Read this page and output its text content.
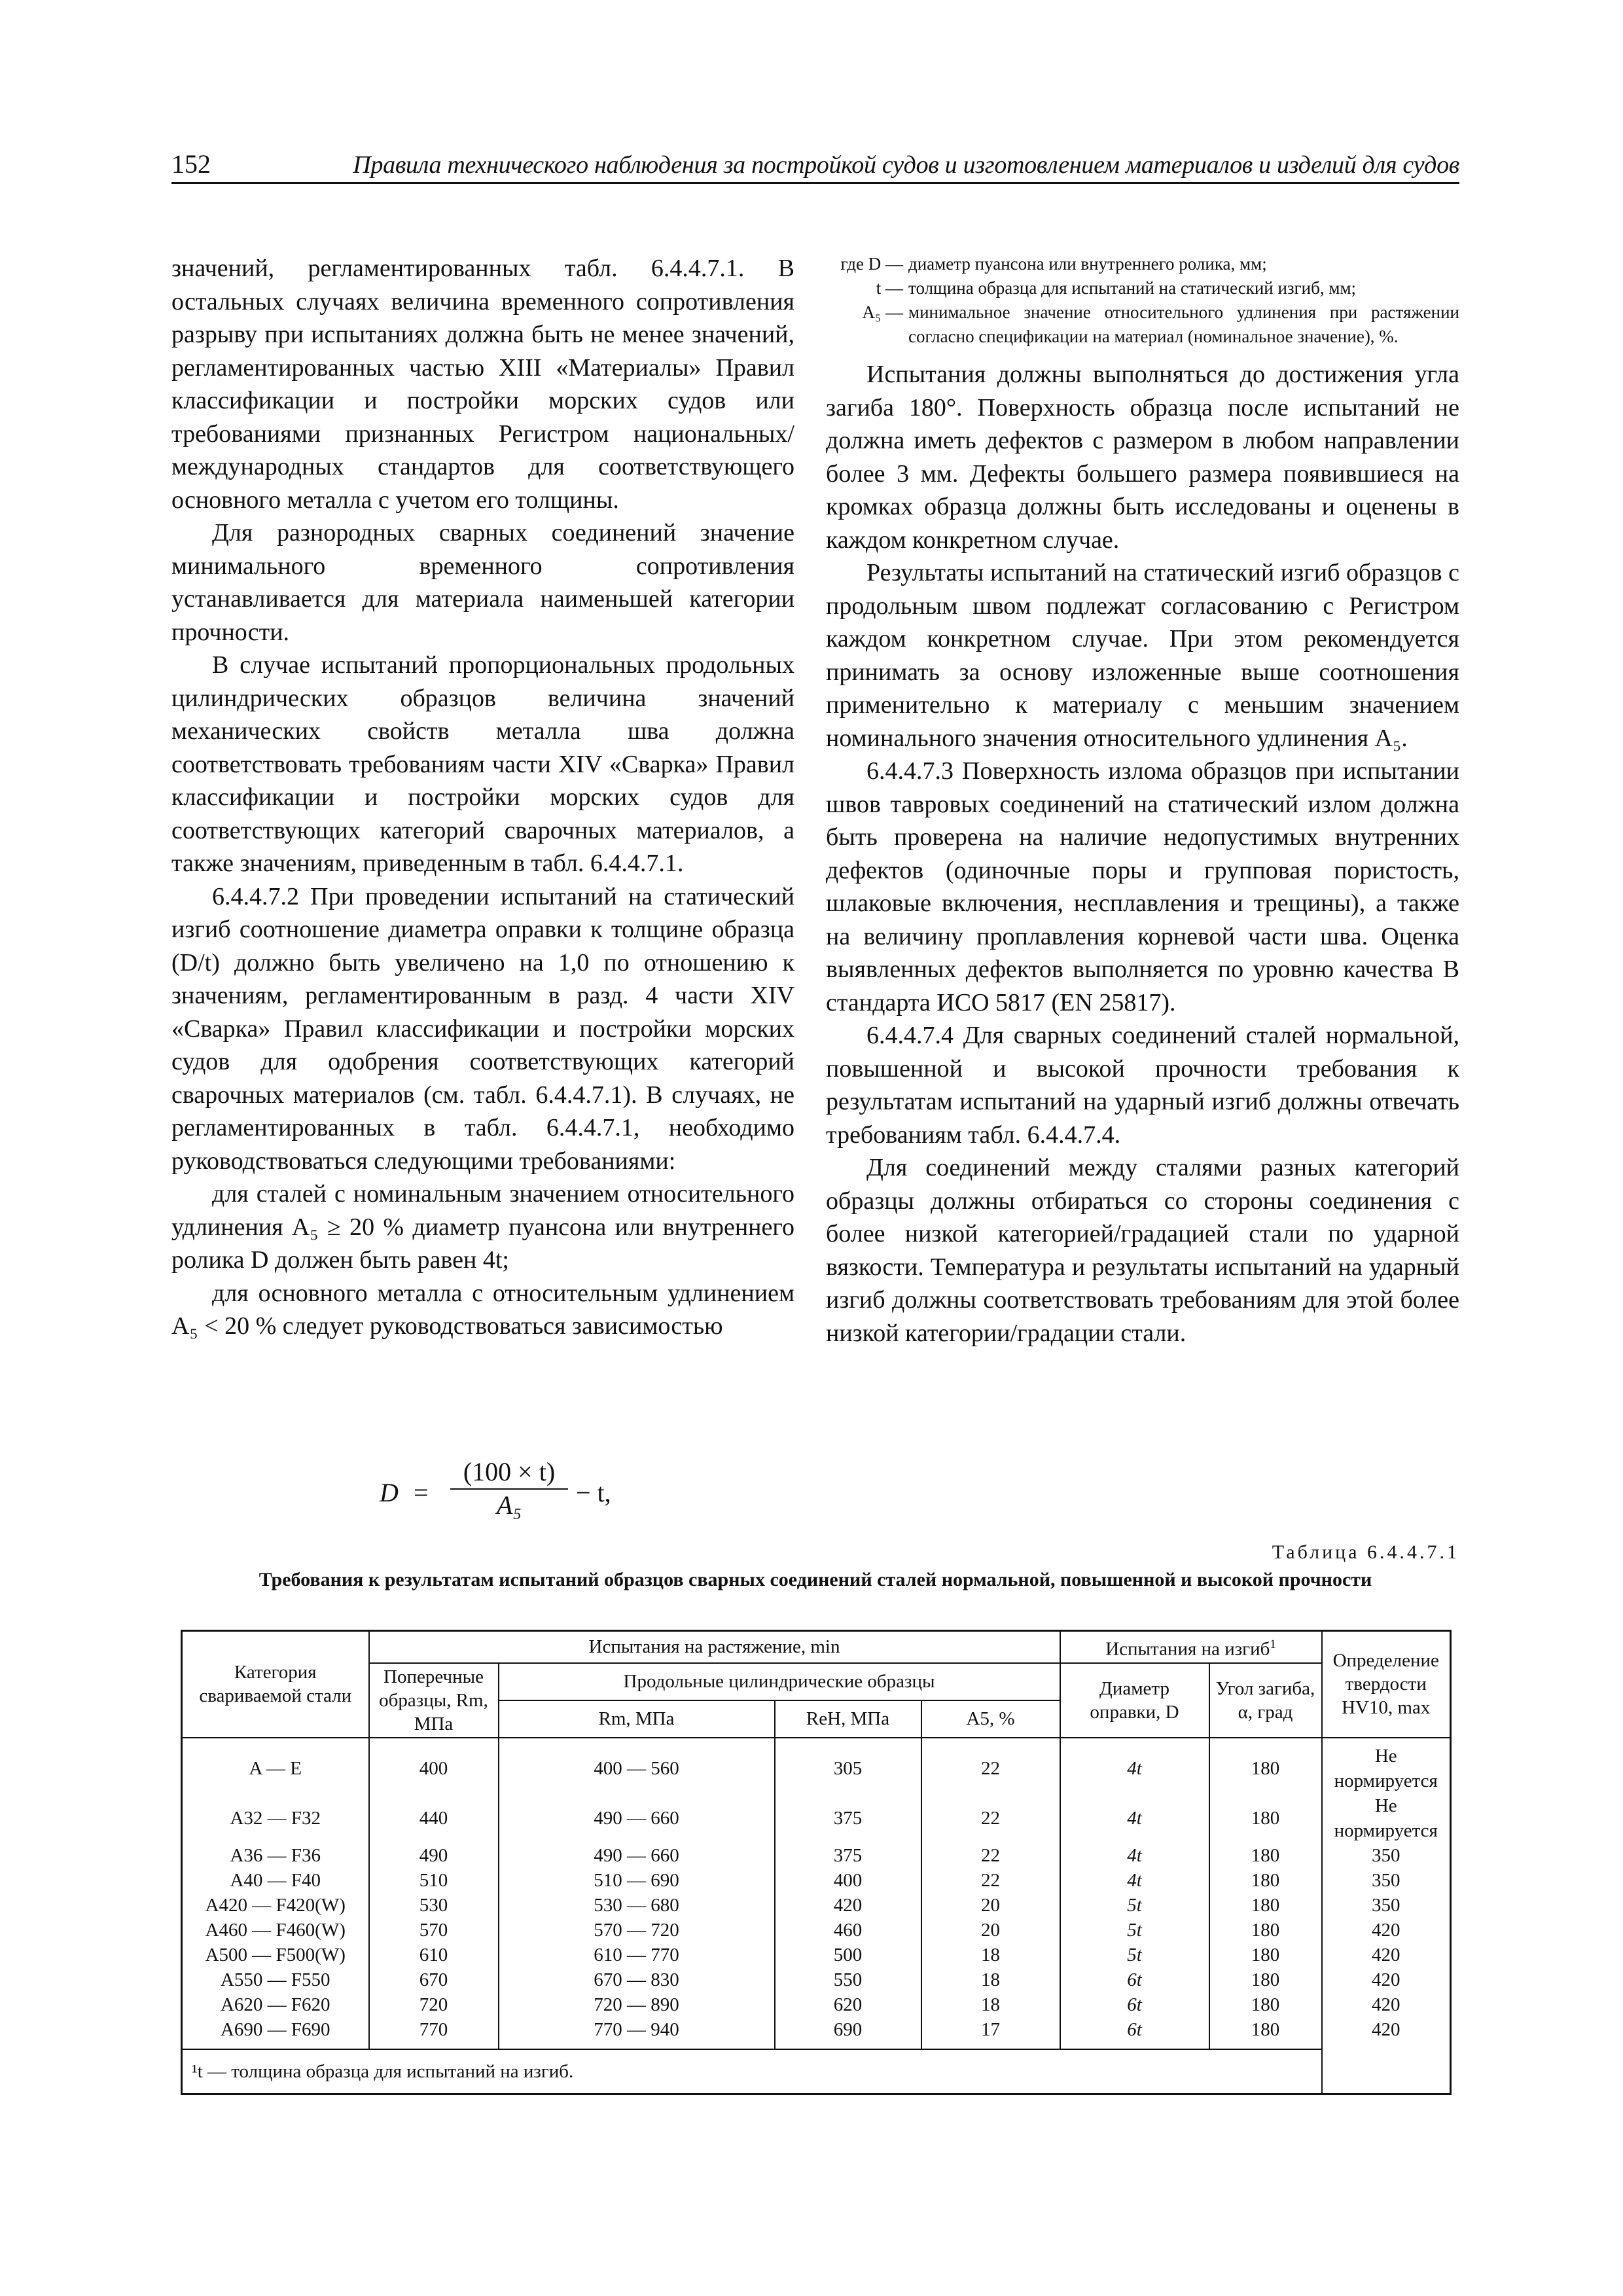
152	Правила технического наблюдения за постройкой судов и изготовлением материалов и изделий для судов

значений, регламентированных табл. 6.4.4.7.1. В остальных случаях величина временного сопротивления разрыву при испытаниях должна быть не менее значений, регламентированных частью XIII «Материалы» Правил классификации и постройки морских судов или требованиями признанных Регистром национальных/международных стандартов для соответствующего основного металла с учетом его толщины.

Для разнородных сварных соединений значение минимального временного сопротивления устанавливается для материала наименьшей категории прочности.

В случае испытаний пропорциональных продольных цилиндрических образцов величина значений механических свойств металла шва должна соответствовать требованиям части XIV «Сварка» Правил классификации и постройки морских судов для соответствующих категорий сварочных материалов, а также значениям, приведенным в табл. 6.4.4.7.1.

6.4.4.7.2 При проведении испытаний на статический изгиб соотношение диаметра оправки к толщине образца (D/t) должно быть увеличено на 1,0 по отношению к значениям, регламентированным в разд. 4 части XIV «Сварка» Правил классификации и постройки морских судов для одобрения соответствующих категорий сварочных материалов (см. табл. 6.4.4.7.1). В случаях, не регламентированных в табл. 6.4.4.7.1, необходимо руководствоваться следующими требованиями:

для сталей с номинальным значением относительного удлинения A₅ ≥ 20 % диаметр пуансона или внутреннего ролика D должен быть равен 4t;

для основного металла с относительным удлинением A₅ < 20 % следует руководствоваться зависимостью

$D = \frac{(100 \times t)}{\text{A₅}} - t$,
где D — диаметр пуансона или внутреннего ролика, мм;
t — толщина образца для испытаний на статический изгиб, мм;
A₅ — минимальное значение относительного удлинения при растяжении согласно спецификации на материал (номинальное значение), %.

Испытания должны выполняться до достижения угла загиба 180°. Поверхность образца после испытаний не должна иметь дефектов с размером в любом направлении более 3 мм. Дефекты большего размера появившиеся на кромках образца должны быть исследованы и оценены в каждом конкретном случае.

Результаты испытаний на статический изгиб образцов с продольным швом подлежат согласованию с Регистром каждом конкретном случае. При этом рекомендуется принимать за основу изложенные выше соотношения применительно к материалу с меньшим значением номинального значения относительного удлинения A₅.

6.4.4.7.3 Поверхность излома образцов при испытании швов тавровых соединений на статический излом должна быть проверена на наличие недопустимых внутренних дефектов (одиночные поры и групповая пористость, шлаковые включения, несплавления и трещины), а также на величину проплавления корневой части шва. Оценка выявленных дефектов выполняется по уровню качества B стандарта ИСО 5817 (EN 25817).

6.4.4.7.4 Для сварных соединений сталей нормальной, повышенной и высокой прочности требования к результатам испытаний на ударный изгиб должны отвечать требованиям табл. 6.4.4.7.4.

Для соединений между сталями разных категорий образцы должны отбираться со стороны соединения с более низкой категорией/градацией стали по ударной вязкости. Температура и результаты испытаний на ударный изгиб должны соответствовать требованиям для этой более низкой категории/градации стали.

Таблица 6.4.4.7.1
Требования к результатам испытаний образцов сварных соединений сталей нормальной, повышенной и высокой прочности
Категория свариваемой стали	Испытания на растяжение, min				Испытания на изгиб$^1$		Определение твердости HV10, max
	Поперечные образцы, Rm, МПа	Продольные цилиндрические образцы			Диаметр оправки, D	Угол загиба, α, град	
		Rm, МПа	ReH, МПа	A5, %			
A — E	400	400 — 560	305	22	4t	180	Не нормируется
A32 — F32	440	490 — 660	375	22	4t	180	Не нормируется
A36 — F36	490	490 — 660	375	22	4t	180	350
A40 — F40	510	510 — 690	400	22	4t	180	350
A420 — F420(W)	530	530 — 680	420	20	5t	180	350
A460 — F460(W)	570	570 — 720	460	20	5t	180	420
A500 — F500(W)	610	610 — 770	500	18	5t	180	420
A550 — F550	670	670 — 830	550	18	6t	180	420
A620 — F620	720	720 — 890	620	18	6t	180	420
A690 — F690	770	770 — 940	690	17	6t	180	420
¹t — толщина образца для испытаний на изгиб.							
